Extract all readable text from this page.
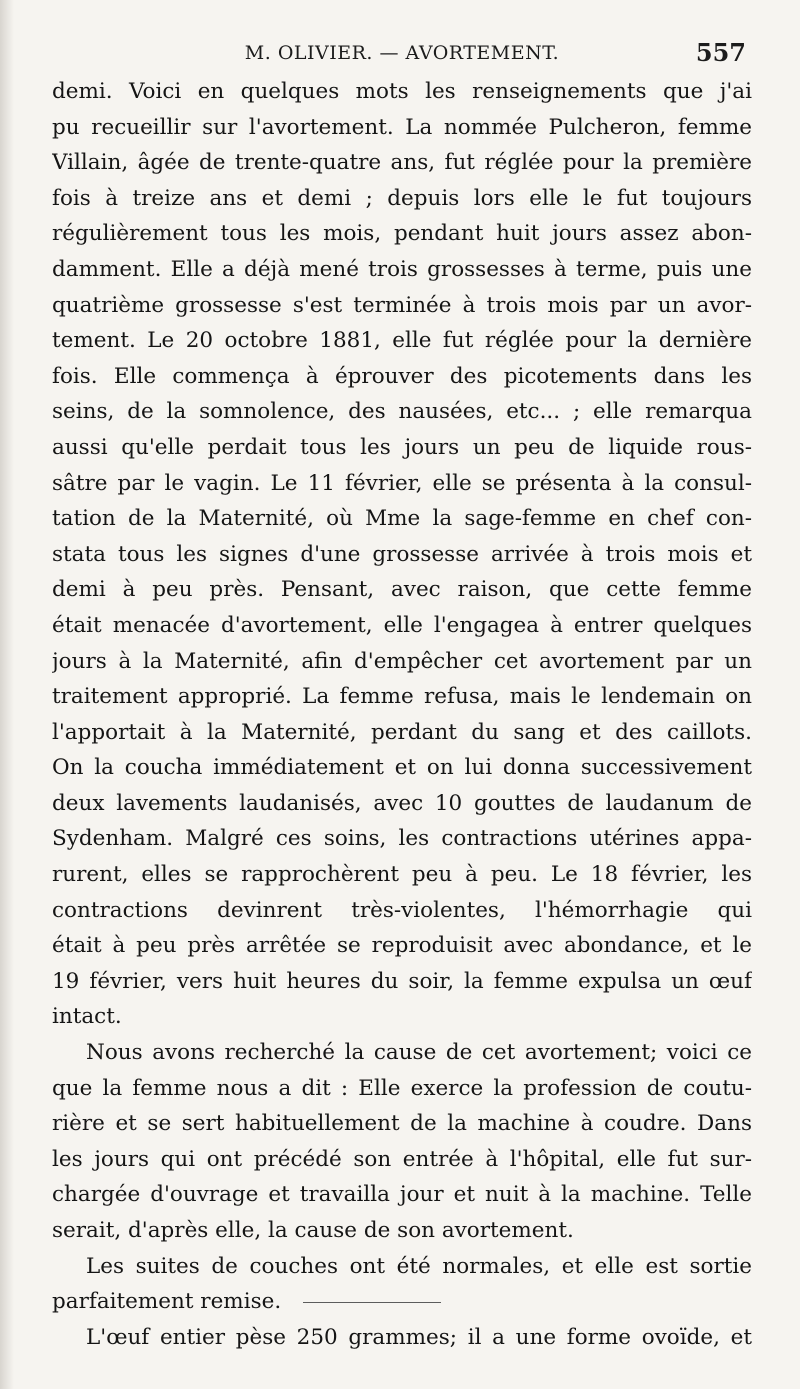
M. OLIVIER. — AVORTEMENT.	557
demi. Voici en quelques mots les renseignements que j'ai
pu recueillir sur l'avortement. La nommée Pulcheron, femme
Villain, âgée de trente-quatre ans, fut réglée pour la première
fois à treize ans et demi ; depuis lors elle le fut toujours
régulièrement tous les mois, pendant huit jours assez abon-
damment. Elle a déjà mené trois grossesses à terme, puis une
quatrième grossesse s'est terminée à trois mois par un avor-
tement. Le 20 octobre 1881, elle fut réglée pour la dernière
fois. Elle commença à éprouver des picotements dans les
seins, de la somnolence, des nausées, etc... ; elle remarqua
aussi qu'elle perdait tous les jours un peu de liquide rous-
sâtre par le vagin. Le 11 février, elle se présenta à la consul-
tation de la Maternité, où Mme la sage-femme en chef con-
stata tous les signes d'une grossesse arrivée à trois mois et
demi à peu près. Pensant, avec raison, que cette femme
était menacée d'avortement, elle l'engagea à entrer quelques
jours à la Maternité, afin d'empêcher cet avortement par un
traitement approprié. La femme refusa, mais le lendemain on
l'apportait à la Maternité, perdant du sang et des caillots.
On la coucha immédiatement et on lui donna successivement
deux lavements laudanisés, avec 10 gouttes de laudanum de
Sydenham. Malgré ces soins, les contractions utérines appa-
rurent, elles se rapprochèrent peu à peu. Le 18 février, les
contractions devinrent très-violentes, l'hémorrhagie qui
était à peu près arrêtée se reproduisit avec abondance, et le
19 février, vers huit heures du soir, la femme expulsa un œuf
intact.
Nous avons recherché la cause de cet avortement; voici ce
que la femme nous a dit : Elle exerce la profession de coutu-
rière et se sert habituellement de la machine à coudre. Dans
les jours qui ont précédé son entrée à l'hôpital, elle fut sur-
chargée d'ouvrage et travailla jour et nuit à la machine. Telle
serait, d'après elle, la cause de son avortement.
Les suites de couches ont été normales, et elle est sortie
parfaitement remise.
L'œuf entier pèse 250 grammes; il a une forme ovoïde, et
